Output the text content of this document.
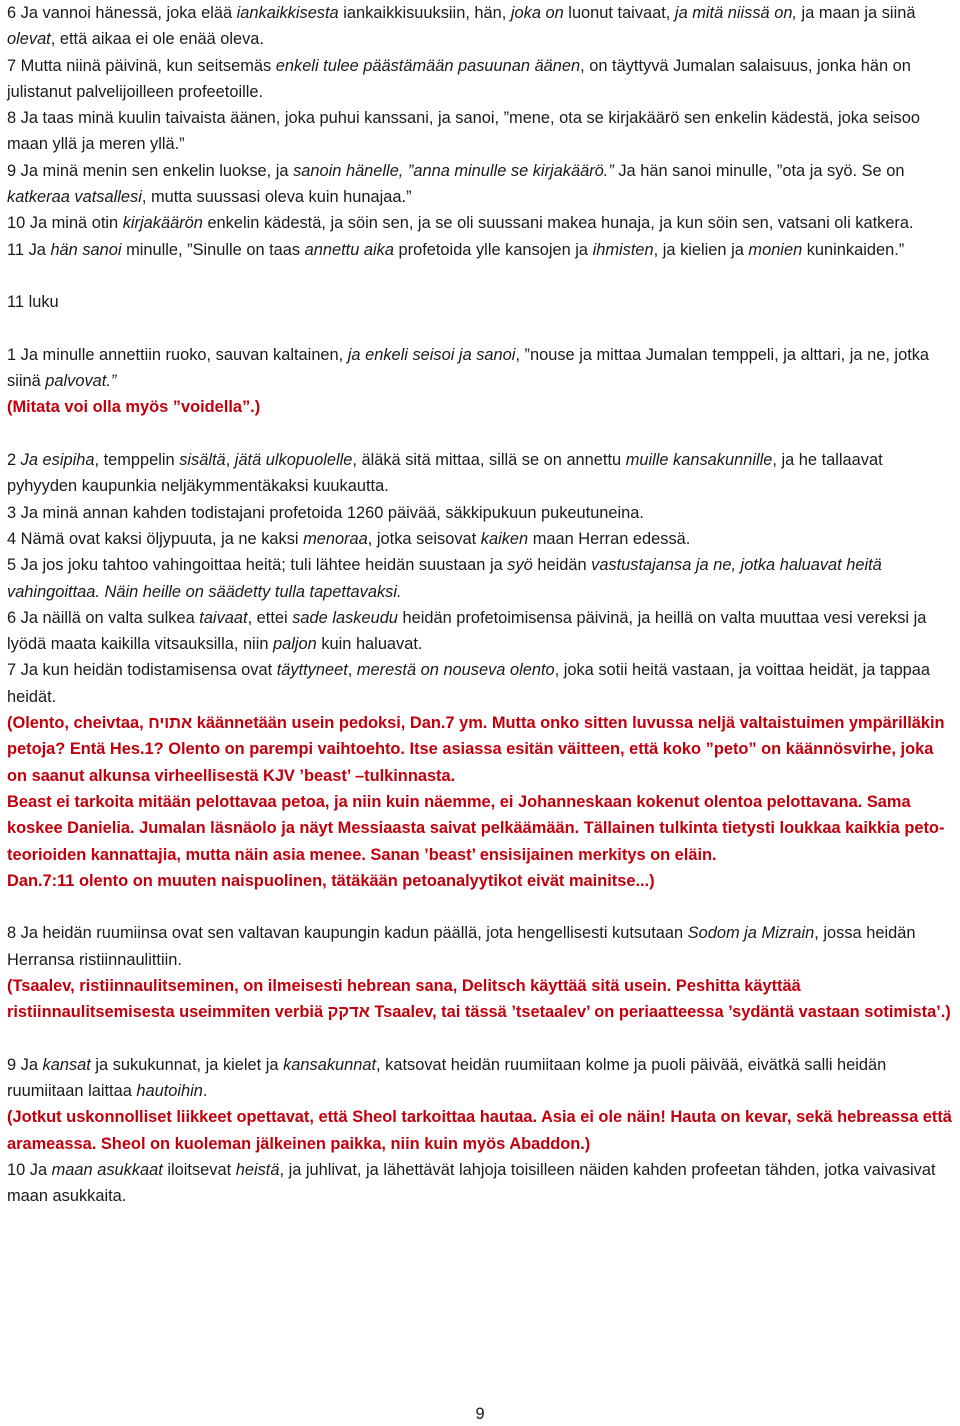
6 Ja vannoi hänessä, joka elää iankaikkisesta iankaikkisuuksiin, hän, joka on luonut taivaat, ja mitä niissä on, ja maan ja siinä olevat, että aikaa ei ole enää oleva.

7 Mutta niinä päivinä, kun seitsemäs enkeli tulee päästämään pasuunan äänen, on täyttyvä Jumalan salaisuus, jonka hän on julistanut palvelijoilleen profeetoille.

8 Ja taas minä kuulin taivaista äänen, joka puhui kanssani, ja sanoi, ”mene, ota se kirjakäärö sen enkelin kädestä, joka seisoo maan yllä ja meren yllä.”

9 Ja minä menin sen enkelin luokse, ja sanoin hänelle, ”anna minulle se kirjakäärö.” Ja hän sanoi minulle, ”ota ja syö. Se on katkeraa vatsallesi, mutta suussasi oleva kuin hunajaa.”

10 Ja minä otin kirjakäärön enkelin kädestä, ja söin sen, ja se oli suussani makea hunaja, ja kun söin sen, vatsani oli katkera.

11 Ja hän sanoi minulle, ”Sinulle on taas annettu aika profetoida ylle kansojen ja ihmisten, ja kielien ja monien kuninkaiden.”

11 luku

1 Ja minulle annettiin ruoko, sauvan kaltainen, ja enkeli seisoi ja sanoi, ”nouse ja mittaa Jumalan temppeli, ja alttari, ja ne, jotka siinä palvovat.”

(Mitata voi olla myös ”voidella”.)

2 Ja esipiha, temppelin sisältä, jätä ulkopuolelle, äläkä sitä mittaa, sillä se on annettu muille kansakunnille, ja he tallaavat pyhyyden kaupunkia neljäkymmentäkaksi kuukautta.

3 Ja minä annan kahden todistajani profetoida 1260 päivää, säkkipukuun pukeutuneina.

4 Nämä ovat kaksi öljypuuta, ja ne kaksi menoraa, jotka seisovat kaiken maan Herran edessä.

5 Ja jos joku tahtoo vahingoittaa heitä; tuli lähtee heidän suustaan ja syö heidän vastustajansa ja ne, jotka haluavat heitä vahingoittaa. Näin heille on säädetty tulla tapettavaksi.

6 Ja näillä on valta sulkea taivaat, ettei sade laskeudu heidän profetoimisensa päivinä, ja heillä on valta muuttaa vesi vereksi ja lyödä maata kaikilla vitsauksilla, niin paljon kuin haluavat.

7 Ja kun heidän todistamisensa ovat täyttyneet, merestä on nouseva olento, joka sotii heitä vastaan, ja voittaa heidät, ja tappaa heidät.

(Olento, cheivtaa, אתויח käännetään usein pedoksi, Dan.7 ym. Mutta onko sitten luvussa neljä valtaistuimen ympärilläkin petoja? Entä Hes.1? Olento on parempi vaihtoehto. Itse asiassa esitän väitteen, että koko ”peto” on käännösvirhe, joka on saanut alkunsa virheellisestä KJV ’beast’ –tulkinnasta.

Beast ei tarkoita mitään pelottavaa petoa, ja niin kuin näemme, ei Johanneskaan kokenut olentoa pelottavana. Sama koskee Danielia. Jumalan läsnäolo ja näyt Messiaasta saivat pelkäämään. Tällainen tulkinta tietysti loukkaa kaikkia peto-teorioiden kannattajia, mutta näin asia menee. Sanan ’beast’ ensisijainen merkitys on eläin.

Dan.7:11 olento on muuten naispuolinen, tätäkään petoanalyytikot eivät mainitse...)

8 Ja heidän ruumiinsa ovat sen valtavan kaupungin kadun päällä, jota hengellisesti kutsutaan Sodom ja Mizrain, jossa heidän Herransa ristiinnaulittiin.

(Tsaalev, ristiinnaulitseminen, on ilmeisesti hebrean sana, Delitsch käyttää sitä usein. Peshitta käyttää ristiinnaulitsemisesta useimmiten verbiä אדקק Tsaalev, tai tässä ’tsetaalev’ on periaatteessa ’sydäntä vastaan sotimista’.)

9 Ja kansat ja sukukunnat, ja kielet ja kansakunnat, katsovat heidän ruumiitaan kolme ja puoli päivää, eivätkä salli heidän ruumiitaan laittaa hautoihin.

(Jotkut uskonnolliset liikkeet opettavat, että Sheol tarkoittaa hautaa. Asia ei ole näin! Hauta on kevar, sekä hebreassa että arameassa. Sheol on kuoleman jälkeinen paikka, niin kuin myös Abaddon.)

10 Ja maan asukkaat iloitsevat heistä, ja juhlivat, ja lähettävät lahjoja toisilleen näiden kahden profeetan tähden, jotka vaivasivat maan asukkaita.

9
